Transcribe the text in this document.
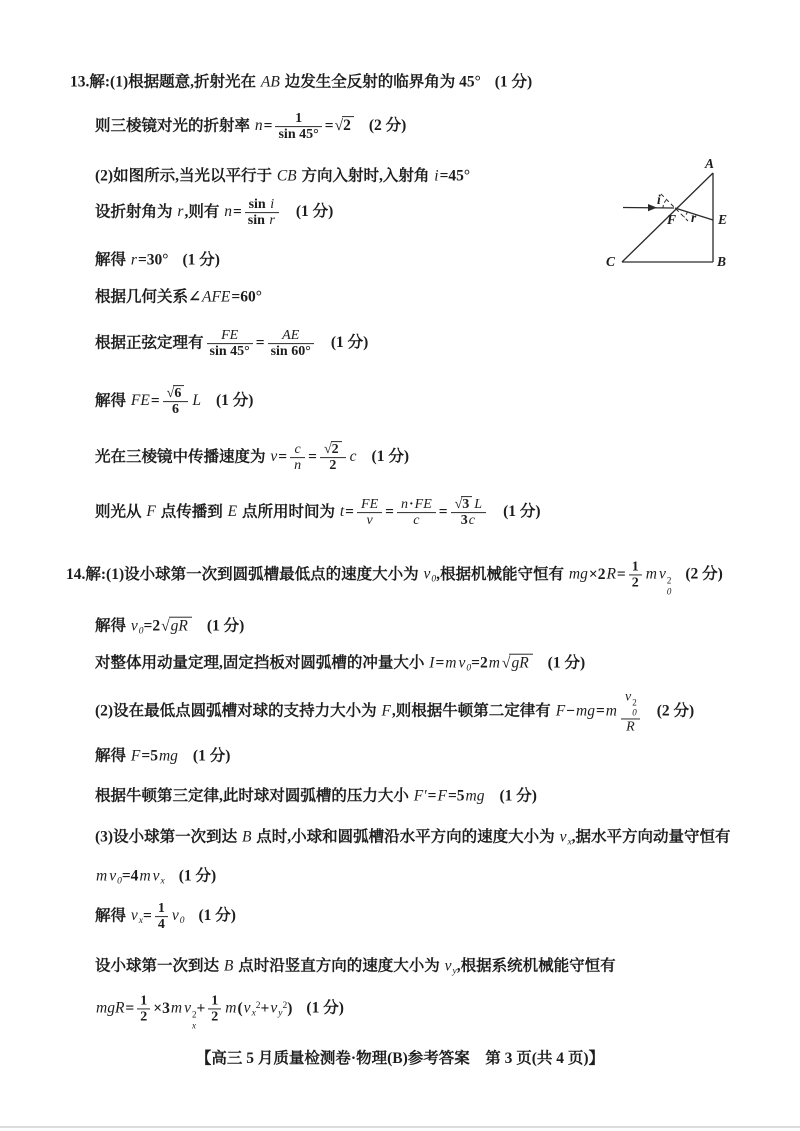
13.解:(1)根据题意,折射光在 AB 边发生全反射的临界角为 45° (1 分)
则三棱镜对光的折射率 $n= \frac{1}{\sin 45^\circ} =√2$ (2 分)
(2)如图所示,当光以平行于 CB 方向入射时,入射角 i=45°
设折射角为 r,则有 $n= \frac{\text{sin i}}{\text{sin r}} (1$ 分)
解得 r=30° (1 分)
根据几何关系∠AFE=60°
根据正弦定理有 $\frac{FE}{\sin 45^\circ} = \frac{AE}{\sin 60^\circ} (1$ 分)
解得 $FE= \frac{√6}{6}$ L (1 分)
光在三棱镜中传播速度为 $v= \frac{c}{n} = \frac{√2}{2}$ c (1 分)
则光从 F 点传播到 E 点所用时间为 $t= \frac{FE}{v} = \frac{n\cdot FE}{c} = \frac{√3 L}{3c} (1$ 分)
14.解:(1)设小球第一次到圆弧槽最低点的速度大小为 $v_0$,根据机械能守恒有 $mg\times 2R= \frac{1}{2}$ m v 2
0
(2 分)
解得 $v_0=2√gR$ (1 分)
对整体用动量定理,固定挡板对圆弧槽的冲量大小 I=m $v_0=2m$ √gR (1 分)
(2)设在最低点圆弧槽对球的支持力大小为 F,则根据牛顿第二定律有 F−mg=m v 2
0
R (2 分)
解得 F=5mg (1 分)
根据牛顿第三定律,此时球对圆弧槽的压力大小 F′=F=5mg (1 分)
(3)设小球第一次到达 B 点时,小球和圆弧槽沿水平方向的速度大小为 $v_x$,据水平方向动量守恒有
m $v_0=4m$ $v_x$ (1 分)
解得 $v_x= \frac{1}{4} v_0$ (1 分)
设小球第一次到达 B 点时沿竖直方向的速度大小为 $v_y$,根据系统机械能守恒有
$mgR= \frac{1}{2} \times 3m$ v 2
x
+ $\frac{1}{2} m(v_x^2+v_y^2)$ (1 分)
A
B
C
E
F
i
r
【高三 5 月质量检测卷·物理(B)参考答案　第 3 页(共 4 页)】
